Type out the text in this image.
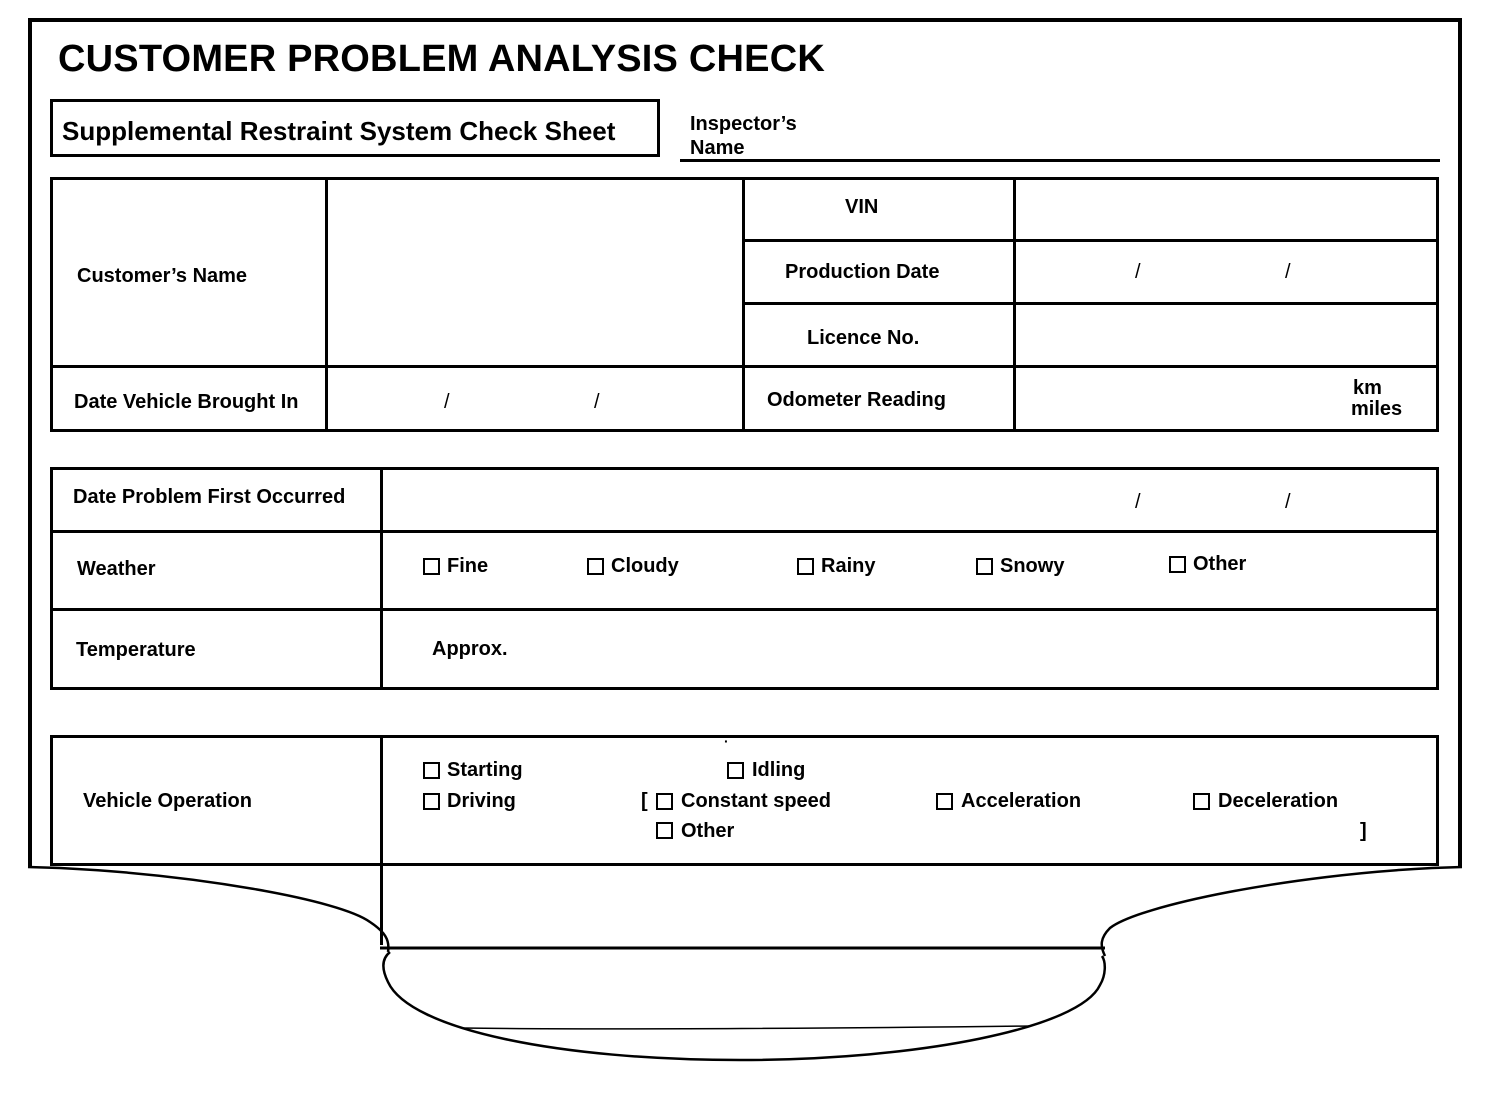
CUSTOMER PROBLEM ANALYSIS CHECK
Supplemental Restraint System Check Sheet	Inspector’s
Name
Customer’s Name
VIN
Production Date	/	/
Licence No.
Date Vehicle Brought In	/	/	Odometer Reading
km
miles
Date Problem First Occurred	/	/
Weather	Fine	Cloudy	Rainy	Snowy	Other
Temperature	Approx.
Vehicle Operation
·
Starting	Idling
Driving	[ Constant speed	Acceleration	Deceleration
Other	]
